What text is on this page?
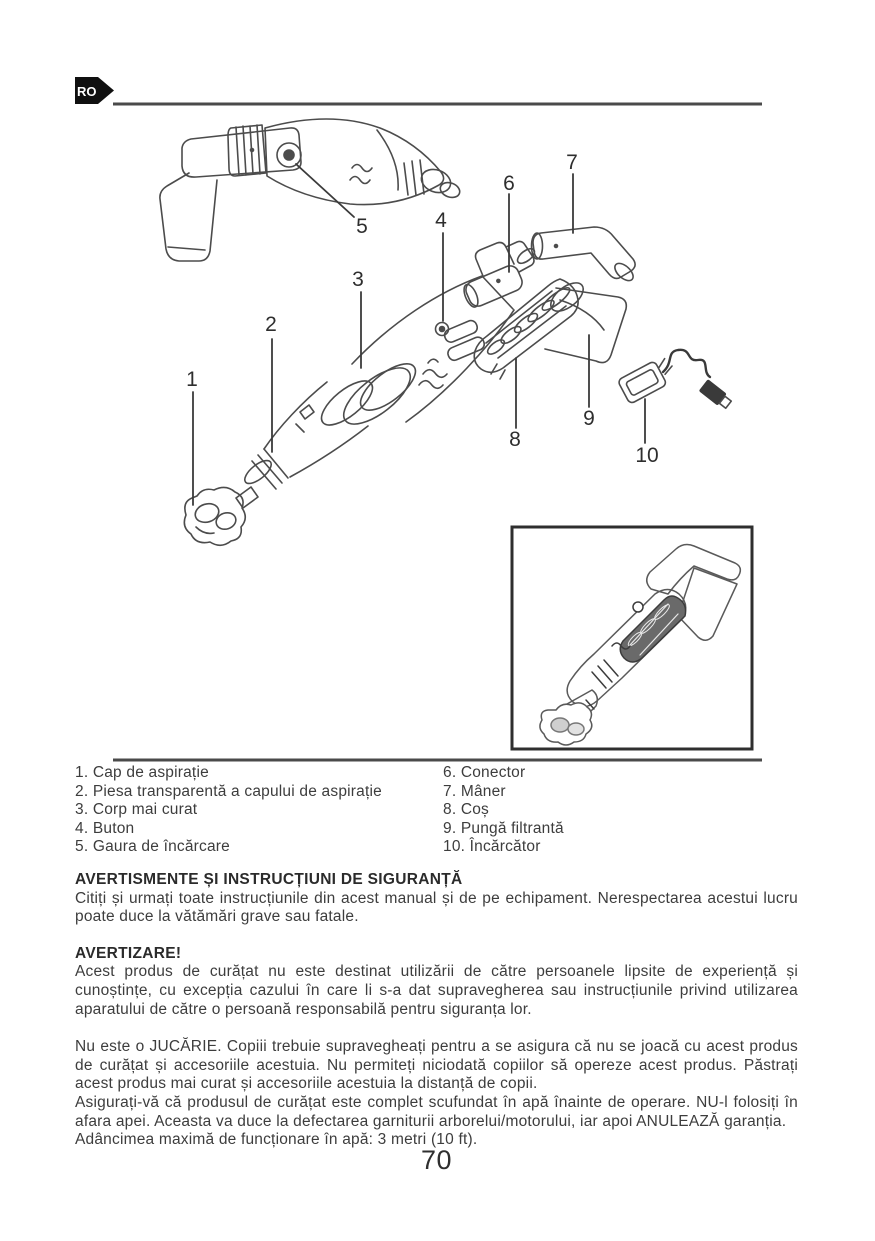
RO
1
2
3
4
5
6
7
8
9
10
1. Cap de aspirație
2. Piesa transparentă a capului de aspirație
3. Corp mai curat
4. Buton
5. Gaura de încărcare
6. Conector
7. Mâner
8. Coș
9. Pungă filtrantă
10. Încărcător
AVERTISMENTE ȘI INSTRUCȚIUNI DE SIGURANȚĂ

Citiți și urmați toate instrucțiunile din acest manual și de pe echipament. Nerespectarea acestui lucru poate duce la vătămări grave sau fatale.

AVERTIZARE!

Acest produs de curățat nu este destinat utilizării de către persoanele lipsite de experiență și cunoștințe, cu excepția cazului în care li s-a dat supravegherea sau instrucțiunile privind utilizarea aparatului de către o persoană responsabilă pentru siguranța lor.

Nu este o JUCĂRIE. Copiii trebuie supravegheați pentru a se asigura că nu se joacă cu acest produs de curățat și accesoriile acestuia. Nu permiteți niciodată copiilor să opereze acest produs. Păstrați acest produs mai curat și accesoriile acestuia la distanță de copii.

Asigurați-vă că produsul de curățat este complet scufundat în apă înainte de operare. NU-l folosiți în afara apei. Aceasta va duce la defectarea garniturii arborelui/motorului, iar apoi ANULEAZĂ garanția.

Adâncimea maximă de funcționare în apă: 3 metri (10 ft).

70
